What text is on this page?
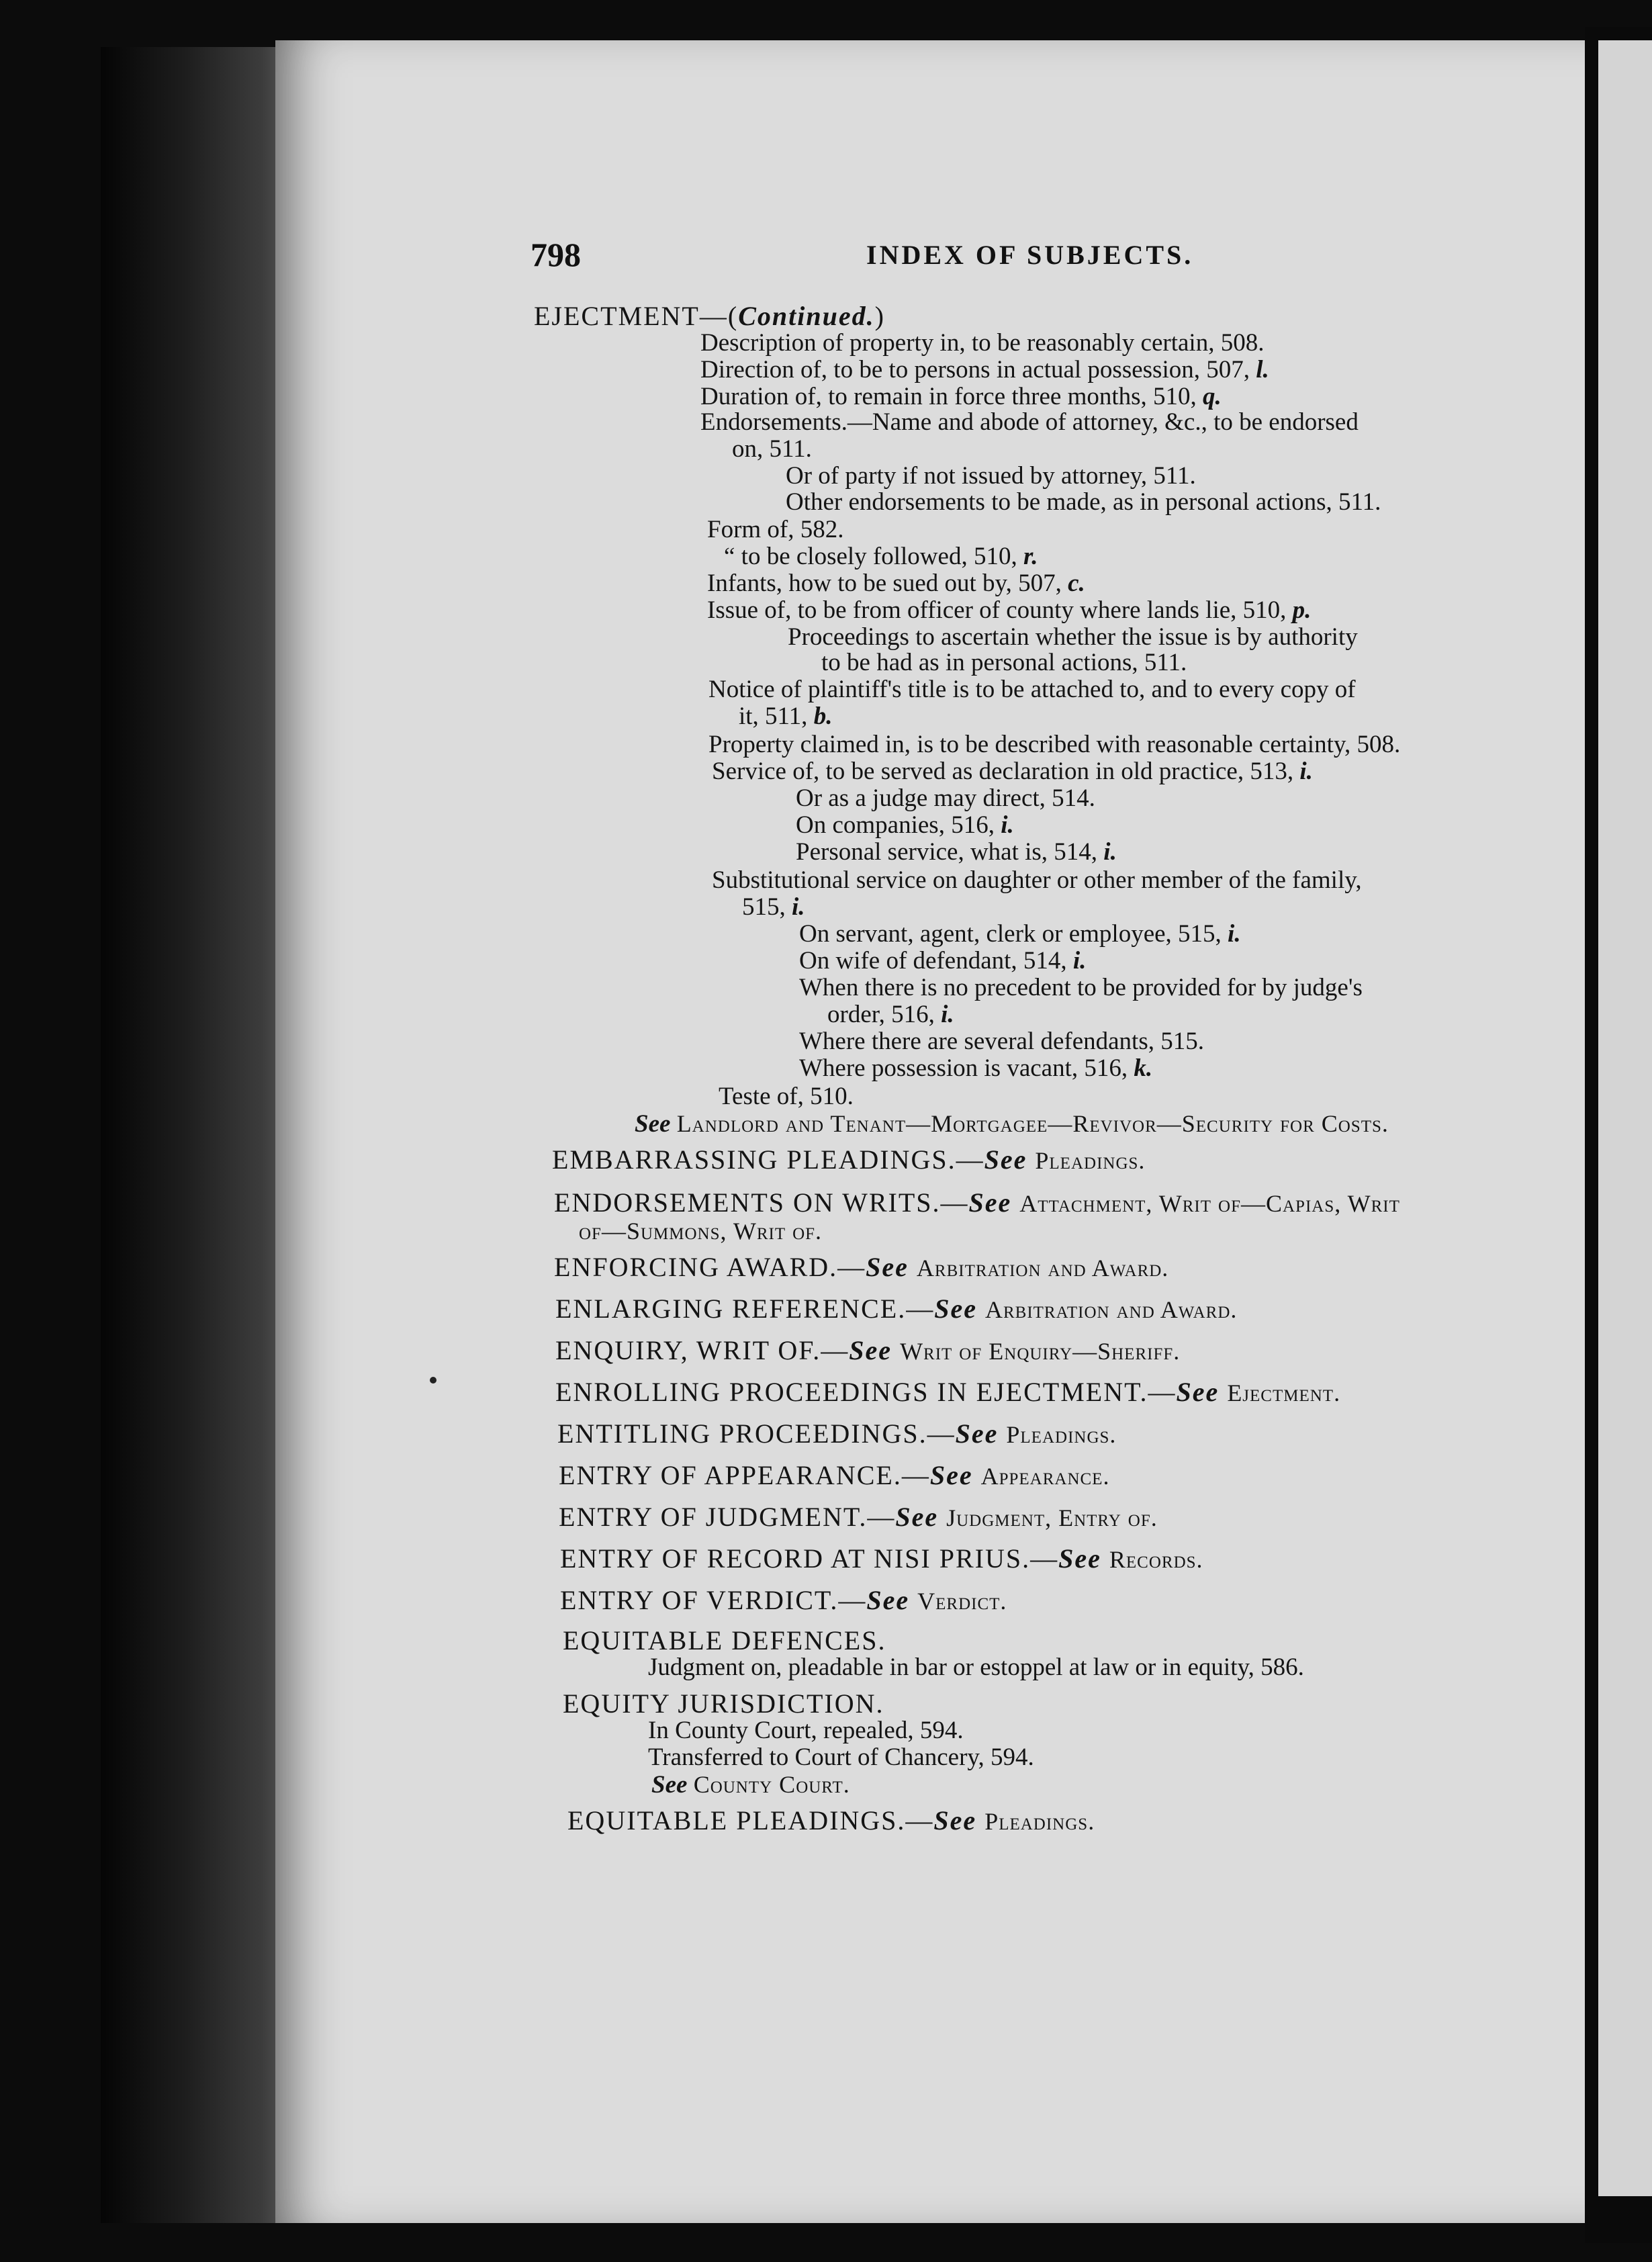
798	INDEX OF SUBJECTS.
EJECTMENT—(Continued.)
Description of property in, to be reasonably certain, 508.
Direction of, to be to persons in actual possession, 507, l.
Duration of, to remain in force three months, 510, q.
Endorsements.—Name and abode of attorney, &c., to be endorsed
on, 511.
Or of party if not issued by attorney, 511.
Other endorsements to be made, as in personal actions, 511.
Form of, 582.
“ to be closely followed, 510, r.
Infants, how to be sued out by, 507, c.
Issue of, to be from officer of county where lands lie, 510, p.
Proceedings to ascertain whether the issue is by authority
to be had as in personal actions, 511.
Notice of plaintiff's title is to be attached to, and to every copy of
it, 511, b.
Property claimed in, is to be described with reasonable certainty, 508.
Service of, to be served as declaration in old practice, 513, i.
Or as a judge may direct, 514.
On companies, 516, i.
Personal service, what is, 514, i.
Substitutional service on daughter or other member of the family,
515, i.
On servant, agent, clerk or employee, 515, i.
On wife of defendant, 514, i.
When there is no precedent to be provided for by judge's
order, 516, i.
Where there are several defendants, 515.
Where possession is vacant, 516, k.
Teste of, 510.
See Landlord and Tenant—Mortgagee—Revivor—Security for Costs.
EMBARRASSING PLEADINGS.—See Pleadings.
ENDORSEMENTS ON WRITS.—See Attachment, Writ of—Capias, Writ
of—Summons, Writ of.
ENFORCING AWARD.—See Arbitration and Award.
ENLARGING REFERENCE.—See Arbitration and Award.
ENQUIRY, WRIT OF.—See Writ of Enquiry—Sheriff.
ENROLLING PROCEEDINGS IN EJECTMENT.—See Ejectment.
ENTITLING PROCEEDINGS.—See Pleadings.
ENTRY OF APPEARANCE.—See Appearance.
ENTRY OF JUDGMENT.—See Judgment, Entry of.
ENTRY OF RECORD AT NISI PRIUS.—See Records.
ENTRY OF VERDICT.—See Verdict.
EQUITABLE DEFENCES.
Judgment on, pleadable in bar or estoppel at law or in equity, 586.
EQUITY JURISDICTION.
In County Court, repealed, 594.
Transferred to Court of Chancery, 594.
See County Court.
EQUITABLE PLEADINGS.—See Pleadings.
